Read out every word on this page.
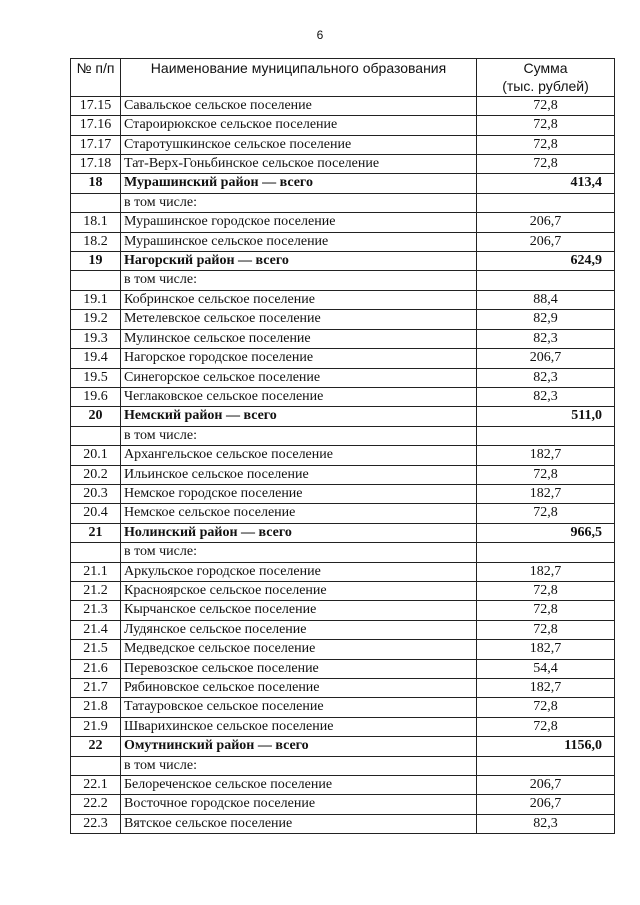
6
№ п/п	Наименование муниципального образования	Сумма
(тыс. рублей)

17.15	Савальское сельское поселение	72,8
17.16	Староирюкское сельское поселение	72,8
17.17	Старотушкинское сельское поселение	72,8
17.18	Тат-Верх-Гоньбинское сельское поселение	72,8
18	Мурашинский район — всего	413,4
	в том числе:	
18.1	Мурашинское городское поселение	206,7
18.2	Мурашинское сельское поселение	206,7
19	Нагорский район — всего	624,9
	в том числе:	
19.1	Кобринское сельское поселение	88,4
19.2	Метелевское сельское поселение	82,9
19.3	Мулинское сельское поселение	82,3
19.4	Нагорское городское поселение	206,7
19.5	Синегорское сельское поселение	82,3
19.6	Чеглаковское сельское поселение	82,3
20	Немский район — всего	511,0
	в том числе:	
20.1	Архангельское сельское поселение	182,7
20.2	Ильинское сельское поселение	72,8
20.3	Немское городское поселение	182,7
20.4	Немское сельское поселение	72,8
21	Нолинский район — всего	966,5
	в том числе:	
21.1	Аркульское городское поселение	182,7
21.2	Красноярское сельское поселение	72,8
21.3	Кырчанское сельское поселение	72,8
21.4	Лудянское сельское поселение	72,8
21.5	Медведское сельское поселение	182,7
21.6	Перевозское сельское поселение	54,4
21.7	Рябиновское сельское поселение	182,7
21.8	Татауровское сельское поселение	72,8
21.9	Шварихинское сельское поселение	72,8
22	Омутнинский район — всего	1156,0
	в том числе:	
22.1	Белореченское сельское поселение	206,7
22.2	Восточное городское поселение	206,7
22.3	Вятское сельское поселение	82,3
